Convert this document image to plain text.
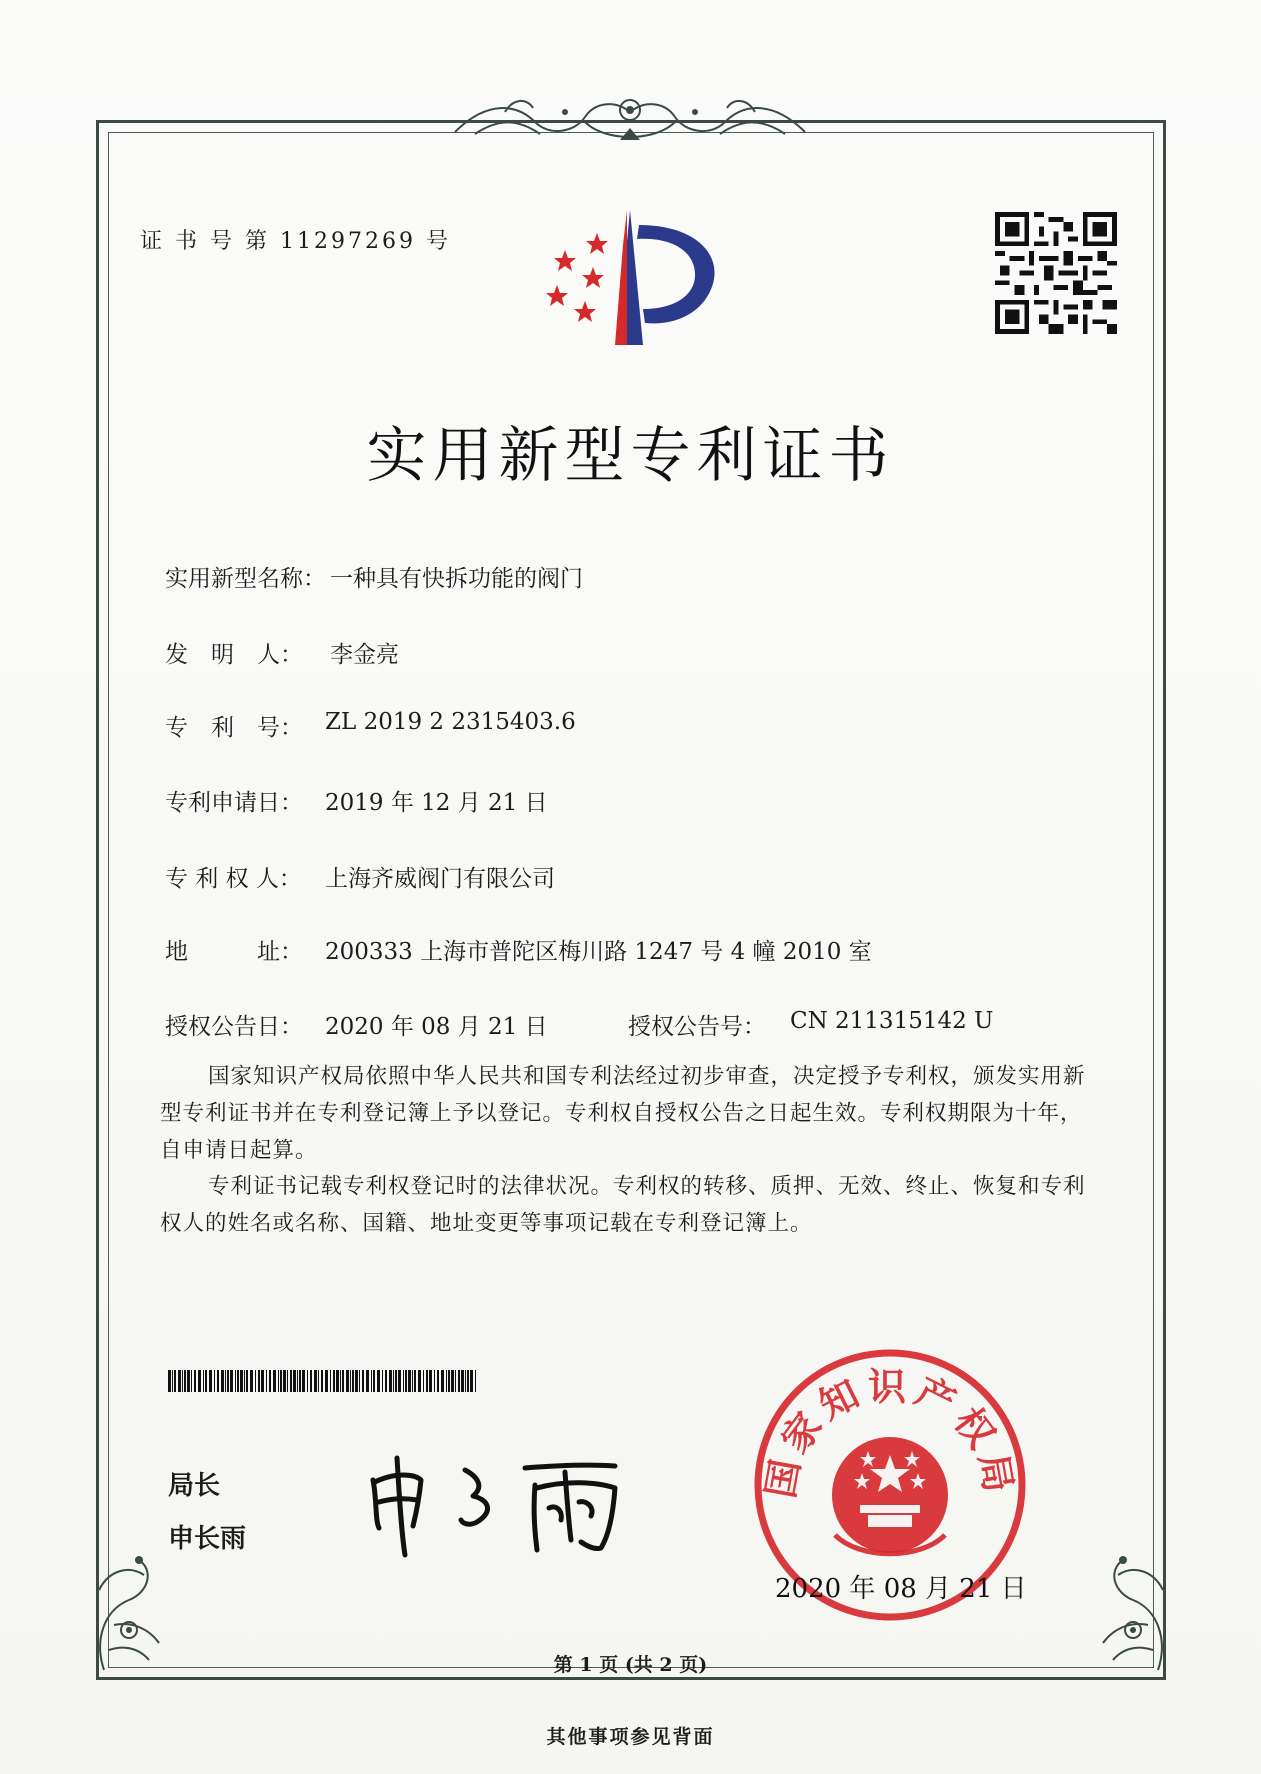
证 书 号 第 11297269 号
实用新型专利证书
实用新型名称： 一种具有快拆功能的阀门
发　明　人： 李金亮
专　利　号： ZL 2019 2 2315403.6
专利申请日： 2019 年 12 月 21 日
专 利 权 人： 上海齐威阀门有限公司
地　　　址： 200333 上海市普陀区梅川路 1247 号 4 幢 2010 室
授权公告日： 2020 年 08 月 21 日	授权公告号： CN 211315142 U
国家知识产权局依照中华人民共和国专利法经过初步审查，决定授予专利权，颁发实用新型专利证书并在专利登记簿上予以登记。专利权自授权公告之日起生效。专利权期限为十年，自申请日起算。
专利证书记载专利权登记时的法律状况。专利权的转移、质押、无效、终止、恢复和专利权人的姓名或名称、国籍、地址变更等事项记载在专利登记簿上。
局长
申长雨
国家知识产权局
2020 年 08 月 21 日
第 1 页 (共 2 页)
其他事项参见背面
